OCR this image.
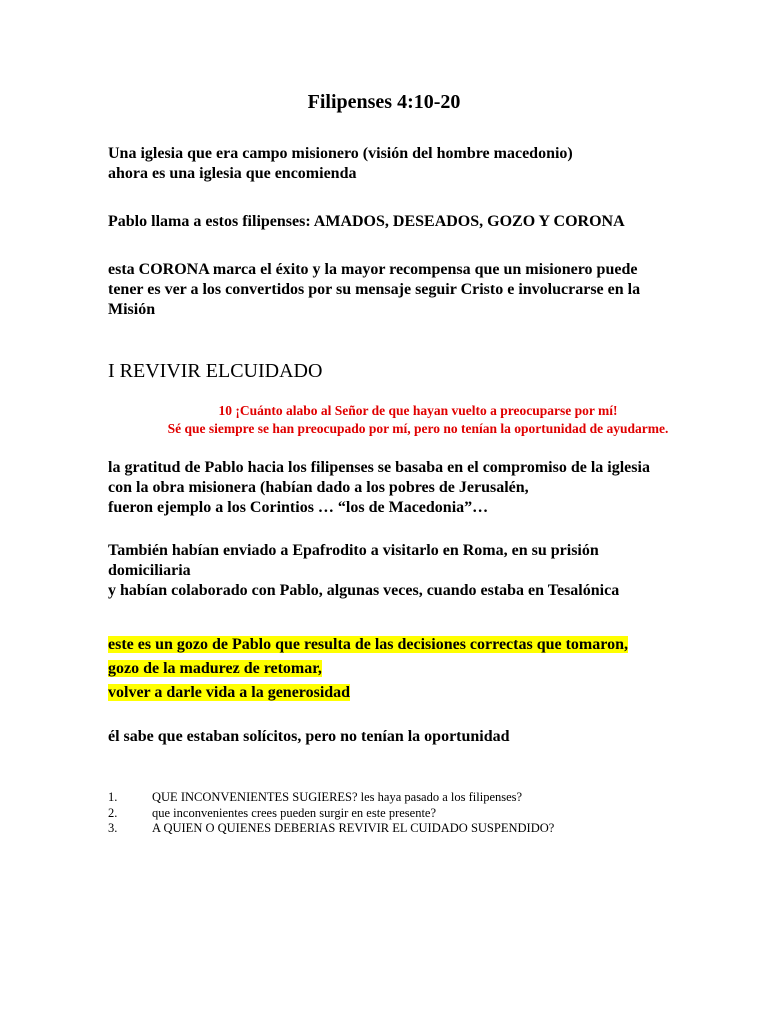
Filipenses 4:10-20

Una iglesia que era campo misionero (visión del hombre macedonio)
ahora es una iglesia que encomienda

Pablo llama a estos filipenses: AMADOS, DESEADOS, GOZO Y CORONA

esta CORONA marca el éxito y la mayor recompensa que un misionero puede
tener es ver a los convertidos por su mensaje seguir Cristo e involucrarse en la
Misión

I REVIVIR ELCUIDADO
10 ¡Cuánto alabo al Señor de que hayan vuelto a preocuparse por mí!
Sé que siempre se han preocupado por mí, pero no tenían la oportunidad de ayudarme.

la gratitud de Pablo hacia los filipenses se basaba en el compromiso de la iglesia
con la obra misionera (habían dado a los pobres de Jerusalén,
fueron ejemplo a los Corintios … “los de Macedonia”…

También habían enviado a Epafrodito a visitarlo en Roma, en su prisión
domiciliaria
y habían colaborado con Pablo, algunas veces, cuando estaba en Tesalónica

este es un gozo de Pablo que resulta de las decisiones correctas que tomaron,
gozo de la madurez de retomar,
volver a darle vida a la generosidad

él sabe que estaban solícitos, pero no tenían la oportunidad

1.	QUE INCONVENIENTES SUGIERES? les haya pasado a los filipenses?
2.	que inconvenientes crees pueden surgir en este presente?
3.	A QUIEN O QUIENES DEBERIAS REVIVIR EL CUIDADO SUSPENDIDO?
